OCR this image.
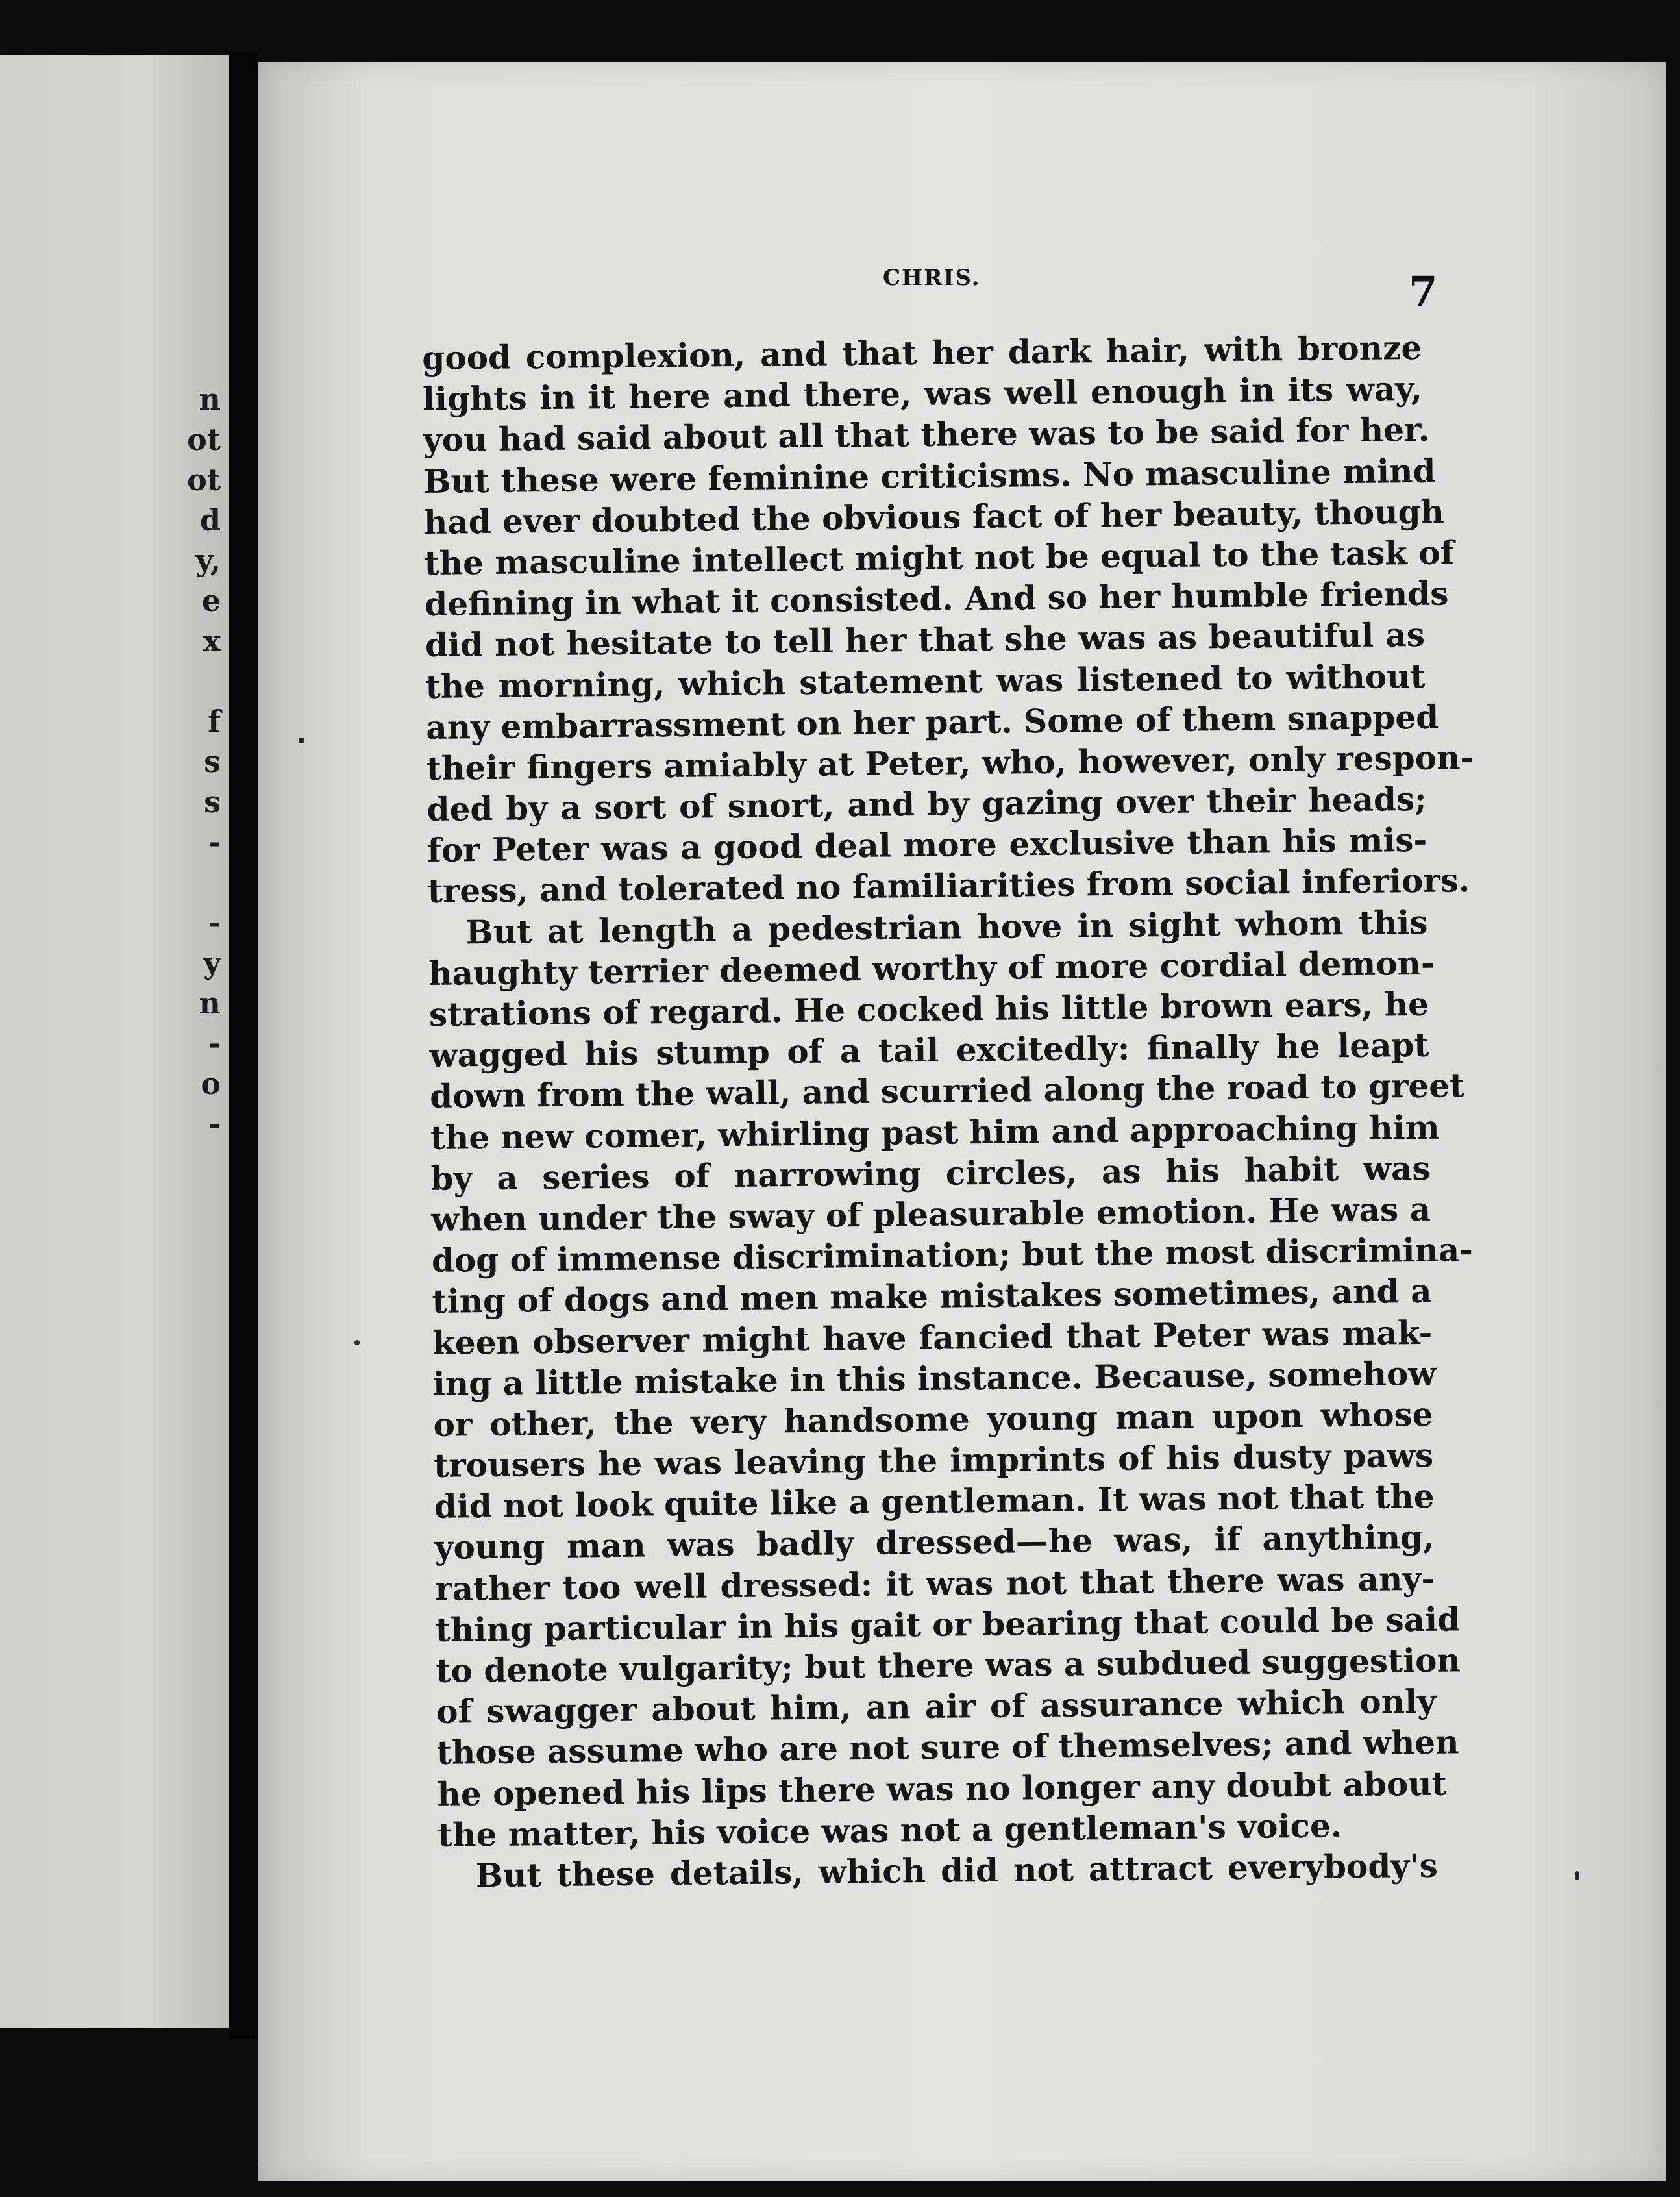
n
ot
ot
d
y,
e
x
f
s
s
-
-
y
n
-
o
-
CHRIS.	7
good complexion, and that her dark hair, with bronze
lights in it here and there, was well enough in its way,
you had said about all that there was to be said for her.
But these were feminine criticisms. No masculine mind
had ever doubted the obvious fact of her beauty, though
the masculine intellect might not be equal to the task of
defining in what it consisted. And so her humble friends
did not hesitate to tell her that she was as beautiful as
the morning, which statement was listened to without
any embarrassment on her part. Some of them snapped
their fingers amiably at Peter, who, however, only respon-
ded by a sort of snort, and by gazing over their heads;
for Peter was a good deal more exclusive than his mis-
tress, and tolerated no familiarities from social inferiors.
But at length a pedestrian hove in sight whom this
haughty terrier deemed worthy of more cordial demon-
strations of regard. He cocked his little brown ears, he
wagged his stump of a tail excitedly: finally he leapt
down from the wall, and scurried along the road to greet
the new comer, whirling past him and approaching him
by a series of narrowing circles, as his habit was
when under the sway of pleasurable emotion. He was a
dog of immense discrimination; but the most discrimina-
ting of dogs and men make mistakes sometimes, and a
keen observer might have fancied that Peter was mak-
ing a little mistake in this instance. Because, somehow
or other, the very handsome young man upon whose
trousers he was leaving the imprints of his dusty paws
did not look quite like a gentleman. It was not that the
young man was badly dressed—he was, if anything,
rather too well dressed: it was not that there was any-
thing particular in his gait or bearing that could be said
to denote vulgarity; but there was a subdued suggestion
of swagger about him, an air of assurance which only
those assume who are not sure of themselves; and when
he opened his lips there was no longer any doubt about
the matter, his voice was not a gentleman's voice.
But these details, which did not attract everybody's
